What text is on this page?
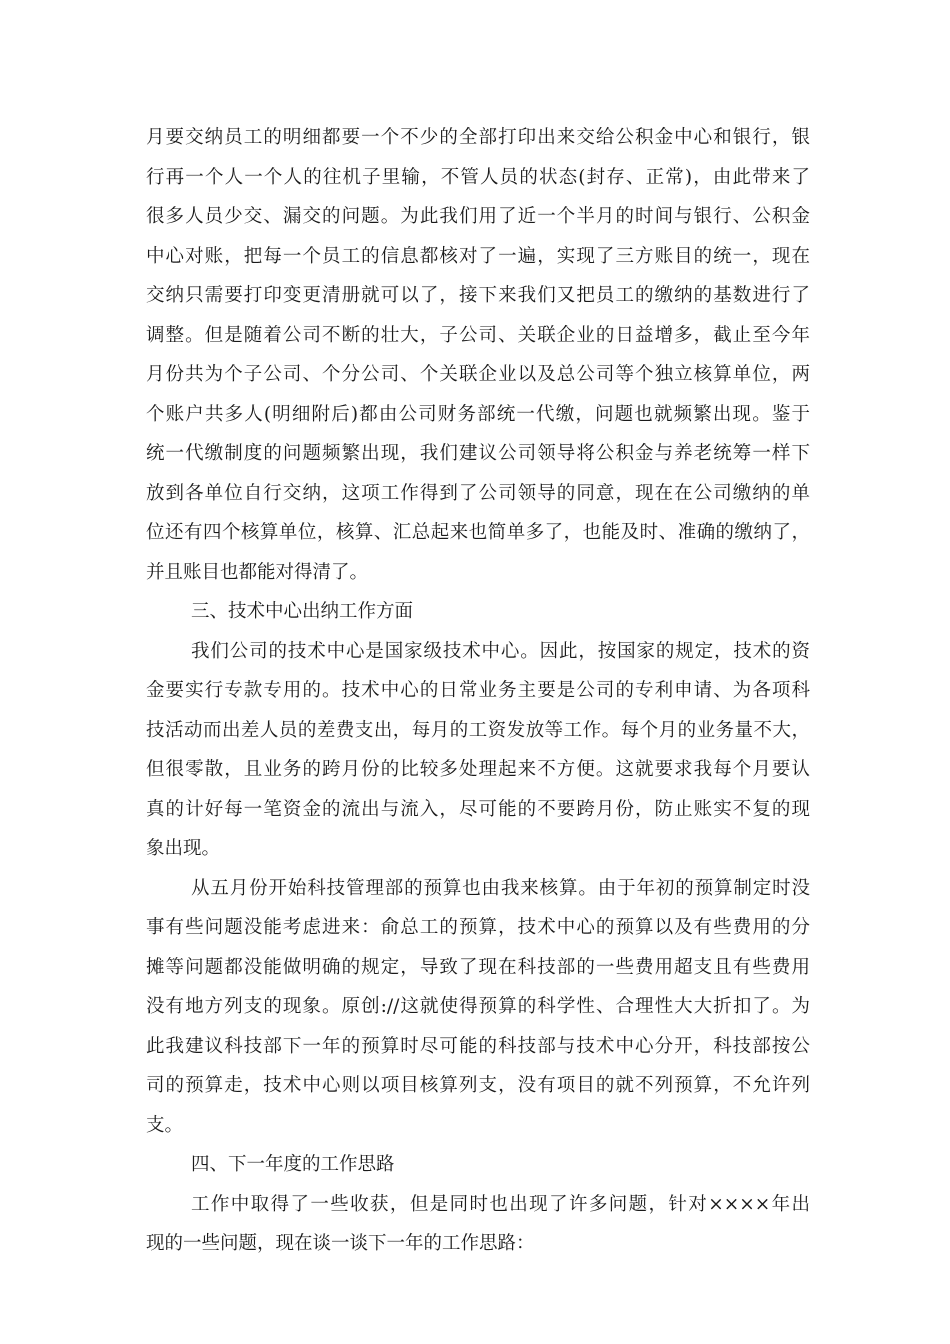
月要交纳员工的明细都要一个不少的全部打印出来交给公积金中心和银行，银
行再一个人一个人的往机子里输，不管人员的状态(封存、正常)，由此带来了
很多人员少交、漏交的问题。为此我们用了近一个半月的时间与银行、公积金
中心对账，把每一个员工的信息都核对了一遍，实现了三方账目的统一，现在
交纳只需要打印变更清册就可以了，接下来我们又把员工的缴纳的基数进行了
调整。但是随着公司不断的壮大，子公司、关联企业的日益增多，截止至今年
月份共为个子公司、个分公司、个关联企业以及总公司等个独立核算单位，两
个账户共多人(明细附后)都由公司财务部统一代缴，问题也就频繁出现。鉴于
统一代缴制度的问题频繁出现，我们建议公司领导将公积金与养老统筹一样下
放到各单位自行交纳，这项工作得到了公司领导的同意，现在在公司缴纳的单
位还有四个核算单位，核算、汇总起来也简单多了，也能及时、准确的缴纳了，
并且账目也都能对得清了。
三、技术中心出纳工作方面
我们公司的技术中心是国家级技术中心。因此，按国家的规定，技术的资
金要实行专款专用的。技术中心的日常业务主要是公司的专利申请、为各项科
技活动而出差人员的差费支出，每月的工资发放等工作。每个月的业务量不大，
但很零散，且业务的跨月份的比较多处理起来不方便。这就要求我每个月要认
真的计好每一笔资金的流出与流入，尽可能的不要跨月份，防止账实不复的现
象出现。
从五月份开始科技管理部的预算也由我来核算。由于年初的预算制定时没
事有些问题没能考虑进来：俞总工的预算，技术中心的预算以及有些费用的分
摊等问题都没能做明确的规定，导致了现在科技部的一些费用超支且有些费用
没有地方列支的现象。原创://这就使得预算的科学性、合理性大大折扣了。为
此我建议科技部下一年的预算时尽可能的科技部与技术中心分开，科技部按公
司的预算走，技术中心则以项目核算列支，没有项目的就不列预算，不允许列
支。
四、下一年度的工作思路
工作中取得了一些收获，但是同时也出现了许多问题，针对××××年出
现的一些问题，现在谈一谈下一年的工作思路：
